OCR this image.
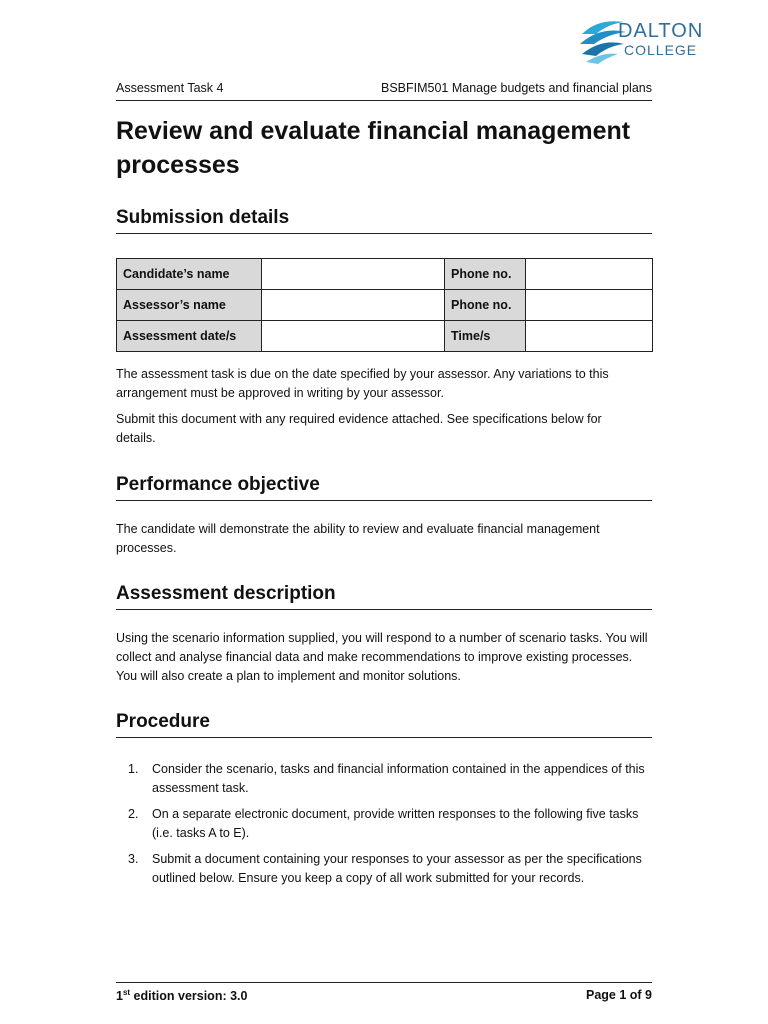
DALTON
COLLEGE
Assessment Task 4	BSBFIM501 Manage budgets and financial plans
Review and evaluate financial management processes
Submission details
Candidate’s name		Phone no.	
Assessor’s name		Phone no.	
Assessment date/s		Time/s	

The assessment task is due on the date specified by your assessor. Any variations to this arrangement must be approved in writing by your assessor.

Submit this document with any required evidence attached. See specifications below for details.

Performance objective

The candidate will demonstrate the ability to review and evaluate financial management processes.

Assessment description

Using the scenario information supplied, you will respond to a number of scenario tasks. You will collect and analyse financial data and make recommendations to improve existing processes. You will also create a plan to implement and monitor solutions.

Procedure
1. Consider the scenario, tasks and financial information contained in the appendices of this assessment task.
2. On a separate electronic document, provide written responses to the following five tasks (i.e. tasks A to E).
3. Submit a document containing your responses to your assessor as per the specifications outlined below. Ensure you keep a copy of all work submitted for your records.
1st edition version: 3.0	Page 1 of 9
